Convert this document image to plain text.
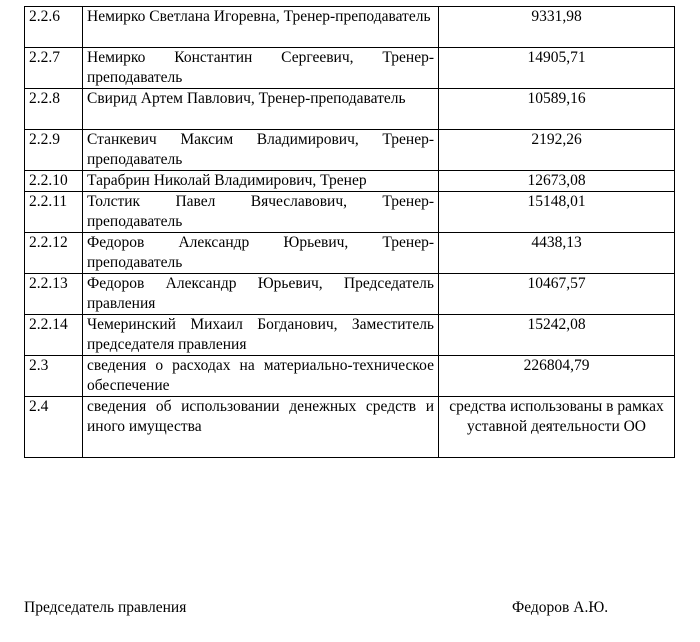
2.2.6	Немирко Светлана Игоревна, Тренер-преподаватель	9331,98
2.2.7	Немирко Константин Сергеевич, Тренер-преподаватель	14905,71
2.2.8	Свирид Артем Павлович, Тренер-преподаватель	10589,16
2.2.9	Станкевич Максим Владимирович, Тренер-преподаватель	2192,26
2.2.10	Тарабрин Николай Владимирович, Тренер	12673,08
2.2.11	Толстик Павел Вячеславович, Тренер-преподаватель	15148,01
2.2.12	Федоров Александр Юрьевич, Тренер-преподаватель	4438,13
2.2.13	Федоров Александр Юрьевич, Председатель правления	10467,57
2.2.14	Чемеринский Михаил Богданович, Заместитель председателя правления	15242,08
2.3	сведения о расходах на материально-техническое обеспечение	226804,79
2.4	сведения об использовании денежных средств и иного имущества	средства использованы в рамках уставной деятельности ОО
Председатель правления	Федоров А.Ю.
